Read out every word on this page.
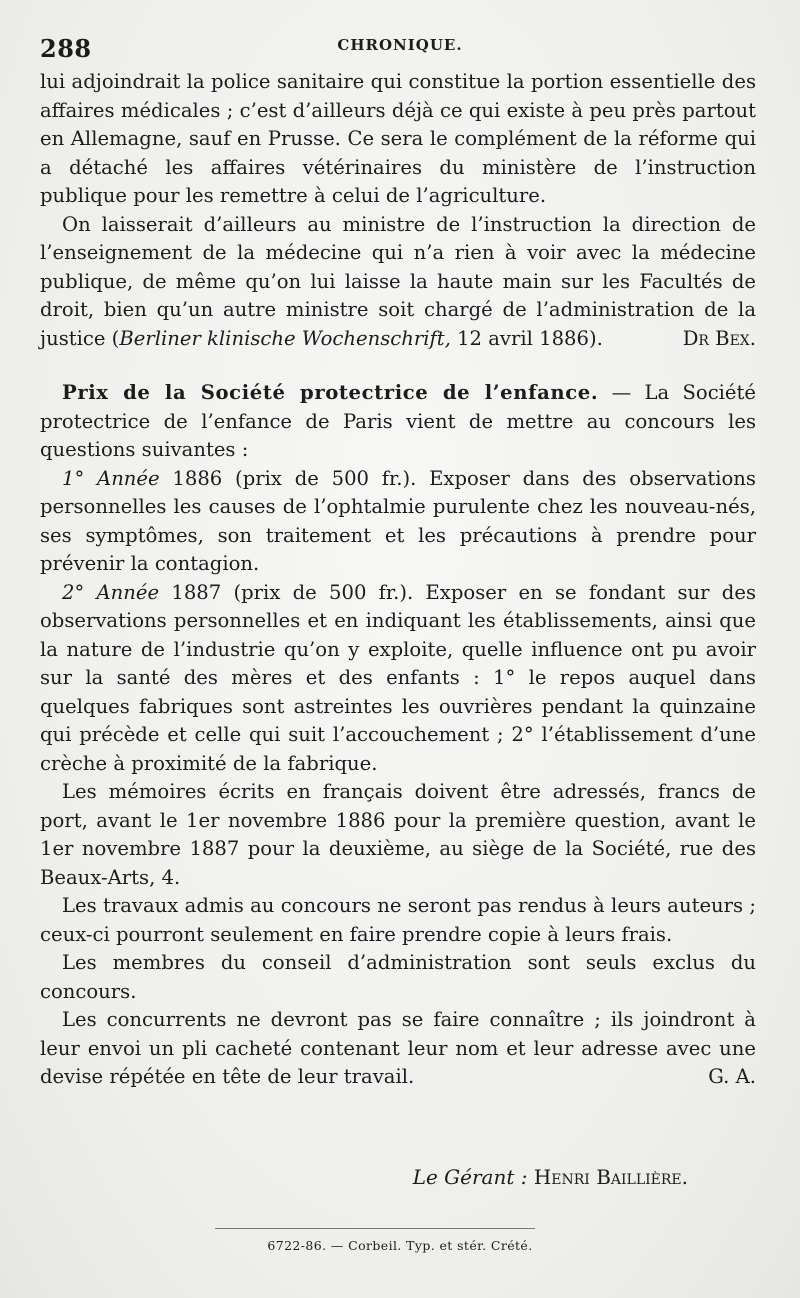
288	CHRONIQUE.

lui adjoindrait la police sanitaire qui constitue la portion essentielle des affaires médicales ; c’est d’ailleurs déjà ce qui existe à peu près partout en Allemagne, sauf en Prusse. Ce sera le complément de la réforme qui a détaché les affaires vétérinaires du ministère de l’instruction publique pour les remettre à celui de l’agriculture.

On laisserait d’ailleurs au ministre de l’instruction la direction de l’enseignement de la médecine qui n’a rien à voir avec la médecine publique, de même qu’on lui laisse la haute main sur les Facultés de droit, bien qu’un autre ministre soit chargé de l’administration de la justice (Berliner klinische Wochenschrift, 12 avril 1886).	Dr Bex.

Prix de la Société protectrice de l’enfance. — La Société protectrice de l’enfance de Paris vient de mettre au concours les questions suivantes :

1° Année 1886 (prix de 500 fr.). Exposer dans des observations personnelles les causes de l’ophtalmie purulente chez les nouveau-nés, ses symptômes, son traitement et les précautions à prendre pour prévenir la contagion.

2° Année 1887 (prix de 500 fr.). Exposer en se fondant sur des observations personnelles et en indiquant les établissements, ainsi que la nature de l’industrie qu’on y exploite, quelle influence ont pu avoir sur la santé des mères et des enfants : 1° le repos auquel dans quelques fabriques sont astreintes les ouvrières pendant la quinzaine qui précède et celle qui suit l’accouchement ; 2° l’établissement d’une crèche à proximité de la fabrique.

Les mémoires écrits en français doivent être adressés, francs de port, avant le 1er novembre 1886 pour la première question, avant le 1er novembre 1887 pour la deuxième, au siège de la Société, rue des Beaux-Arts, 4.

Les travaux admis au concours ne seront pas rendus à leurs auteurs ; ceux-ci pourront seulement en faire prendre copie à leurs frais.

Les membres du conseil d’administration sont seuls exclus du concours.

Les concurrents ne devront pas se faire connaître ; ils joindront à leur envoi un pli cacheté contenant leur nom et leur adresse avec une devise répétée en tête de leur travail.	G. A.

Le Gérant : Henri Baillière.
6722-86. — Corbeil. Typ. et stér. Crété.
